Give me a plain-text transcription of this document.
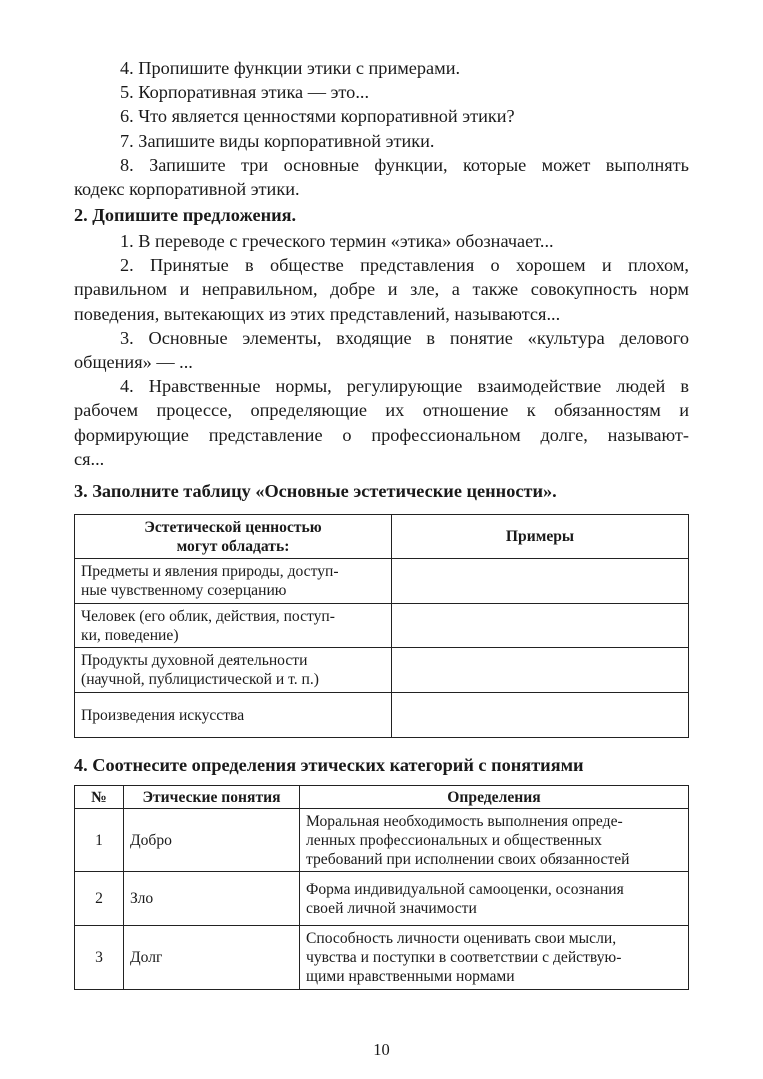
4. Пропишите функции этики с примерами.
5. Корпоративная этика — это...
6. Что является ценностями корпоративной этики?
7. Запишите виды корпоративной этики.
8. Запишите три основные функции, которые может выполнять
кодекс корпоративной этики.
2. Допишите предложения.
1. В переводе с греческого термин «этика» обозначает...
2. Принятые в обществе представления о хорошем и плохом,
правильном и неправильном, добре и зле, а также совокупность норм
поведения, вытекающих из этих представлений, называются...
3. Основные элементы, входящие в понятие «культура делового
общения» — ...
4. Нравственные нормы, регулирующие взаимодействие людей в
рабочем процессе, определяющие их отношение к обязанностям и
формирующие представление о профессиональном долге, называют-
ся...
3. Заполните таблицу «Основные эстетические ценности».
Эстетической ценностью
могут обладать:	Примеры

Предметы и явления природы, доступ-
ные чувственному созерцанию	

Человек (его облик, действия, поступ-
ки, поведение)	

Продукты духовной деятельности
(научной, публицистической и т. п.)	

Произведения искусства	

4. Соотнесите определения этических категорий с понятиями
№	Этические понятия	Определения
1	Добро	Моральная необходимость выполнения опреде-
ленных профессиональных и общественных
требований при исполнении своих обязанностей

2	Зло	Форма индивидуальной самооценки, осознания
своей личной значимости

3	Долг	Способность личности оценивать свои мысли,
чувства и поступки в соответствии с действую-
щими нравственными нормами
10
